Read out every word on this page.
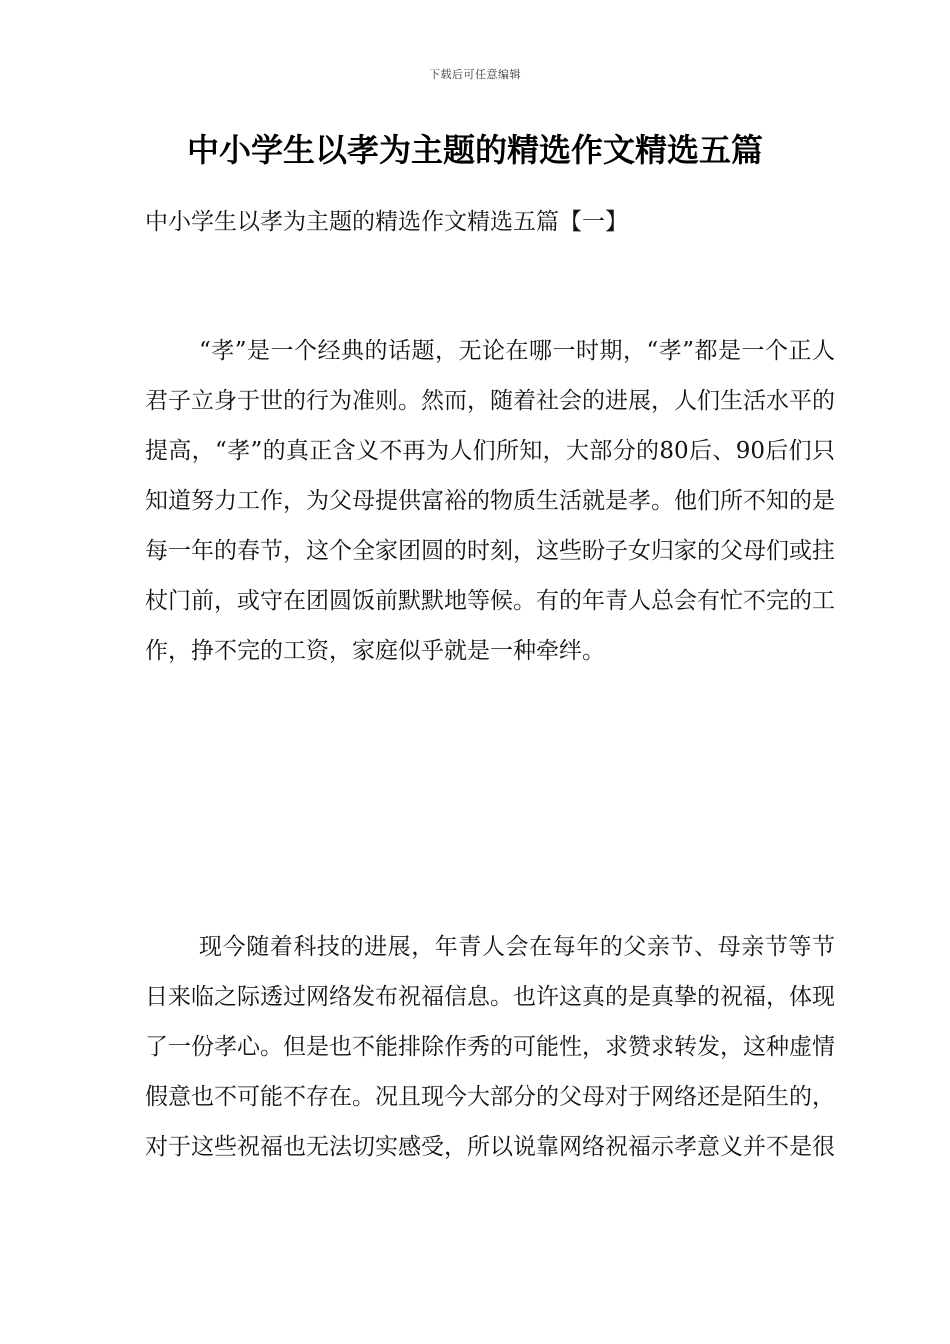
下载后可任意编辑
中小学生以孝为主题的精选作文精选五篇
中小学生以孝为主题的精选作文精选五篇【一】

“孝”是一个经典的话题，无论在哪一时期，“孝”都是一个正人君子立身于世的行为准则。然而，随着社会的进展，人们生活水平的提高，“孝”的真正含义不再为人们所知，大部分的80后、90后们只知道努力工作，为父母提供富裕的物质生活就是孝。他们所不知的是每一年的春节，这个全家团圆的时刻，这些盼子女归家的父母们或拄杖门前，或守在团圆饭前默默地等候。有的年青人总会有忙不完的工作，挣不完的工资，家庭似乎就是一种牵绊。

现今随着科技的进展，年青人会在每年的父亲节、母亲节等节日来临之际透过网络发布祝福信息。也许这真的是真挚的祝福，体现了一份孝心。但是也不能排除作秀的可能性，求赞求转发，这种虚情假意也不可能不存在。况且现今大部分的父母对于网络还是陌生的，对于这些祝福也无法切实感受，所以说靠网络祝福示孝意义并不是很
